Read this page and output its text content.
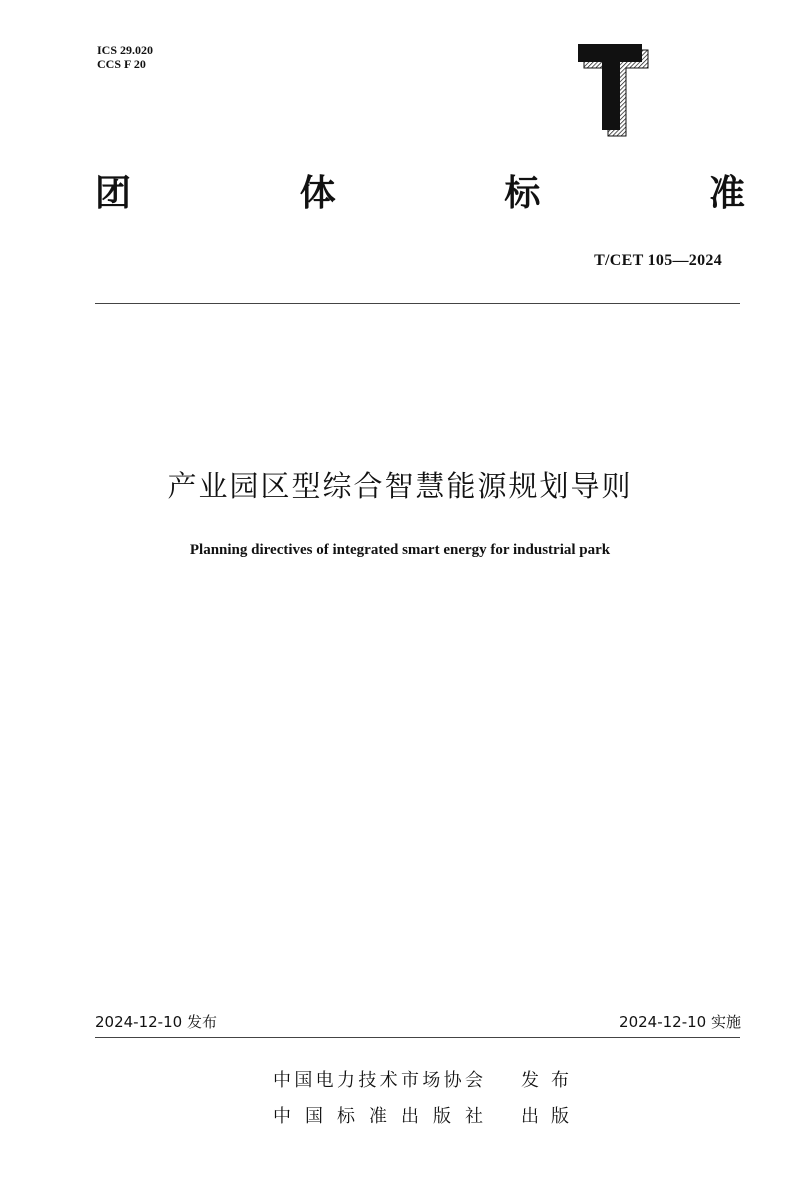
ICS 29.020
CCS F 20
团	体	标	准
T/CET 105—2024
产业园区型综合智慧能源规划导则
Planning directives of integrated smart energy for industrial park
2024-12-10 发布	2024-12-10 实施
中国电力技术市场协会 发布
中国标准出版社 出版
